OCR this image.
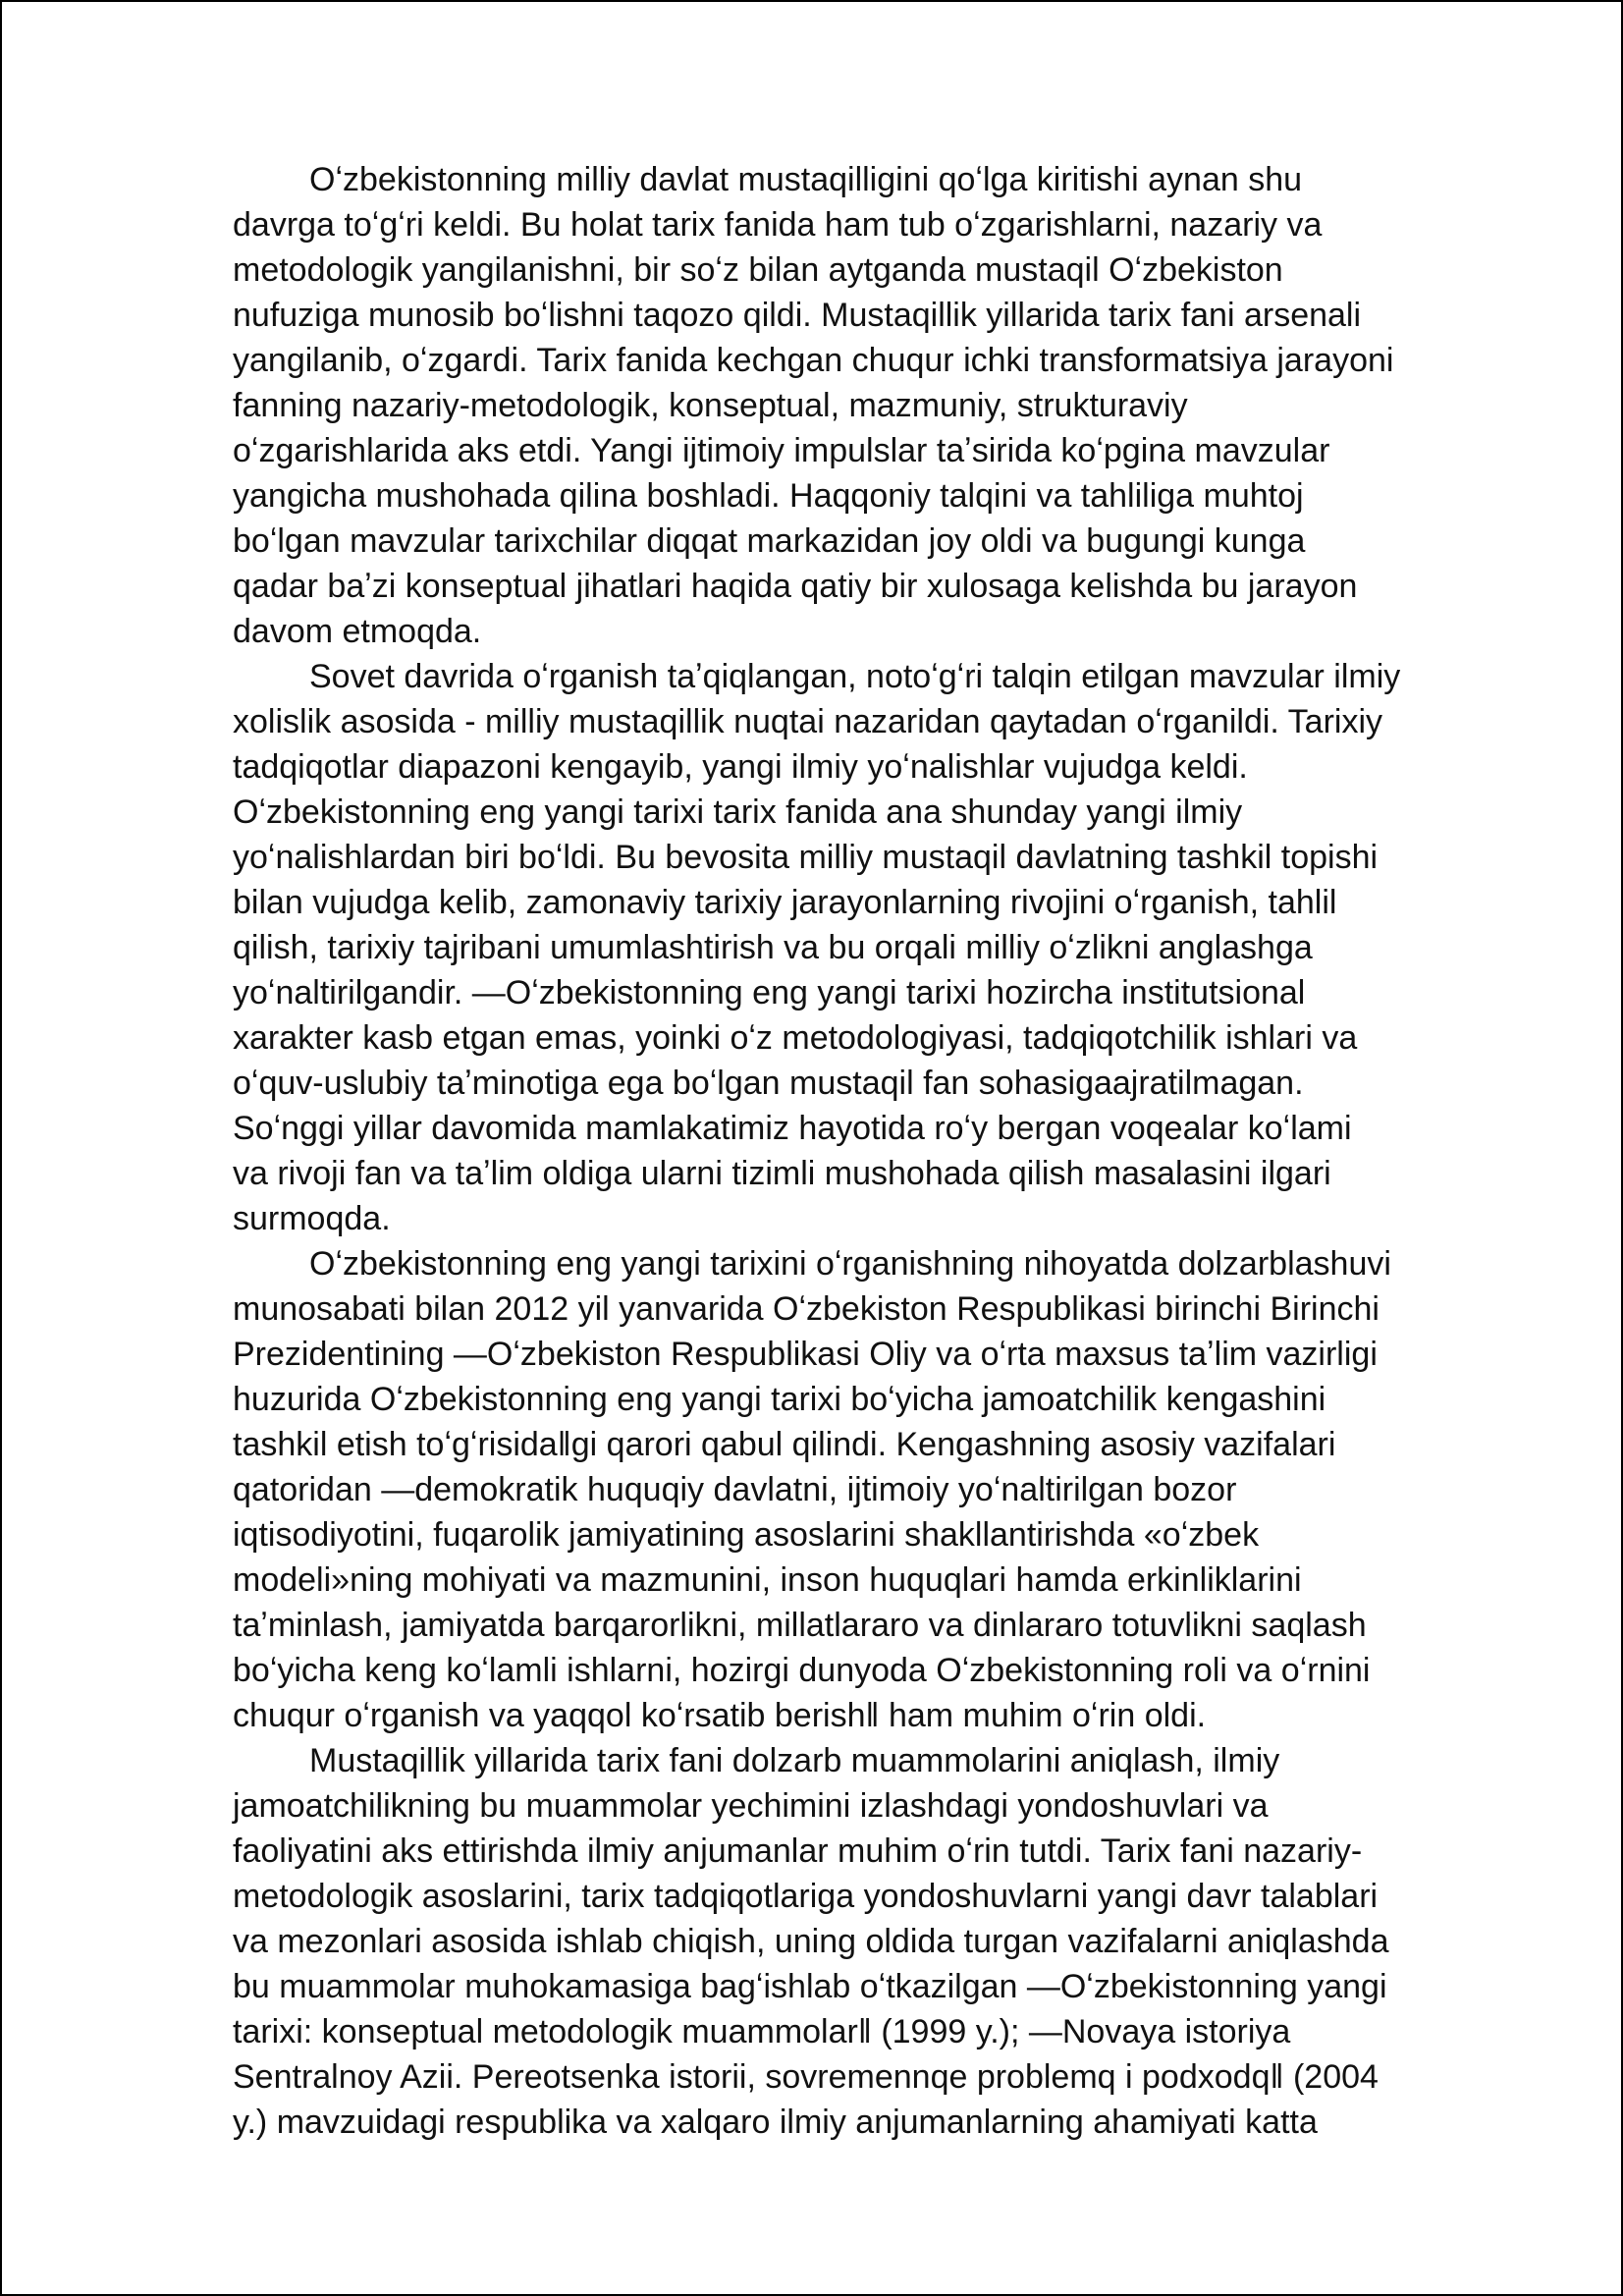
Oʻzbekistonning milliy davlat mustaqilligini qoʻlga kiritishi aynan shu
davrga toʻgʻri keldi. Bu holat tarix fanida ham tub oʻzgarishlarni, nazariy va
metodologik yangilanishni, bir soʻz bilan aytganda mustaqil Oʻzbekiston
nufuziga munosib boʻlishni taqozo qildi. Mustaqillik yillarida tarix fani arsenali
yangilanib, oʻzgardi. Tarix fanida kechgan chuqur ichki transformatsiya jarayoni
fanning nazariy-metodologik, konseptual, mazmuniy, strukturaviy
oʻzgarishlarida aks etdi. Yangi ijtimoiy impulslar taʼsirida koʻpgina mavzular
yangicha mushohada qilina boshladi. Haqqoniy talqini va tahliliga muhtoj
boʻlgan mavzular tarixchilar diqqat markazidan joy oldi va bugungi kunga
qadar baʼzi konseptual jihatlari haqida qatiy bir xulosaga kelishda bu jarayon
davom etmoqda.

Sovet davrida oʻrganish taʼqiqlangan, notoʻgʻri talqin etilgan mavzular ilmiy
xolislik asosida - milliy mustaqillik nuqtai nazaridan qaytadan oʻrganildi. Tarixiy
tadqiqotlar diapazoni kengayib, yangi ilmiy yoʻnalishlar vujudga keldi.
Oʻzbekistonning eng yangi tarixi tarix fanida ana shunday yangi ilmiy
yoʻnalishlardan biri boʻldi. Bu bevosita milliy mustaqil davlatning tashkil topishi
bilan vujudga kelib, zamonaviy tarixiy jarayonlarning rivojini oʻrganish, tahlil
qilish, tarixiy tajribani umumlashtirish va bu orqali milliy oʻzlikni anglashga
yoʻnaltirilgandir. ―Oʻzbekistonning eng yangi tarixi hozircha institutsional
xarakter kasb etgan emas, yoinki oʻz metodologiyasi, tadqiqotchilik ishlari va
oʻquv-uslubiy taʼminotiga ega boʻlgan mustaqil fan sohasigaajratilmagan.
Soʻnggi yillar davomida mamlakatimiz hayotida roʻy bergan voqealar koʻlami
va rivoji fan va taʼlim oldiga ularni tizimli mushohada qilish masalasini ilgari
surmoqda.

Oʻzbekistonning eng yangi tarixini oʻrganishning nihoyatda dolzarblashuvi
munosabati bilan 2012 yil yanvarida Oʻzbekiston Respublikasi birinchi Birinchi
Prezidentining ―Oʻzbekiston Respublikasi Oliy va oʻrta maxsus taʼlim vazirligi
huzurida Oʻzbekistonning eng yangi tarixi boʻyicha jamoatchilik kengashini
tashkil etish toʻgʻrisida‖gi qarori qabul qilindi. Kengashning asosiy vazifalari
qatoridan ―demokratik huquqiy davlatni, ijtimoiy yoʻnaltirilgan bozor
iqtisodiyotini, fuqarolik jamiyatining asoslarini shakllantirishda «oʻzbek
modeli»ning mohiyati va mazmunini, inson huquqlari hamda erkinliklarini
taʼminlash, jamiyatda barqarorlikni, millatlararo va dinlararo totuvlikni saqlash
boʻyicha keng koʻlamli ishlarni, hozirgi dunyoda Oʻzbekistonning roli va oʻrnini
chuqur oʻrganish va yaqqol koʻrsatib berish‖ ham muhim oʻrin oldi.

Mustaqillik yillarida tarix fani dolzarb muammolarini aniqlash, ilmiy
jamoatchilikning bu muammolar yechimini izlashdagi yondoshuvlari va
faoliyatini aks ettirishda ilmiy anjumanlar muhim oʻrin tutdi. Tarix fani nazariy-
metodologik asoslarini, tarix tadqiqotlariga yondoshuvlarni yangi davr talablari
va mezonlari asosida ishlab chiqish, uning oldida turgan vazifalarni aniqlashda
bu muammolar muhokamasiga bagʻishlab oʻtkazilgan ―Oʻzbekistonning yangi
tarixi: konseptual metodologik muammolar‖ (1999 y.); ―Novaya istoriya
Sentralnoy Azii. Pereotsenka istorii, sovremennqe problemq i podxodq‖ (2004
y.) mavzuidagi respublika va xalqaro ilmiy anjumanlarning ahamiyati katta
